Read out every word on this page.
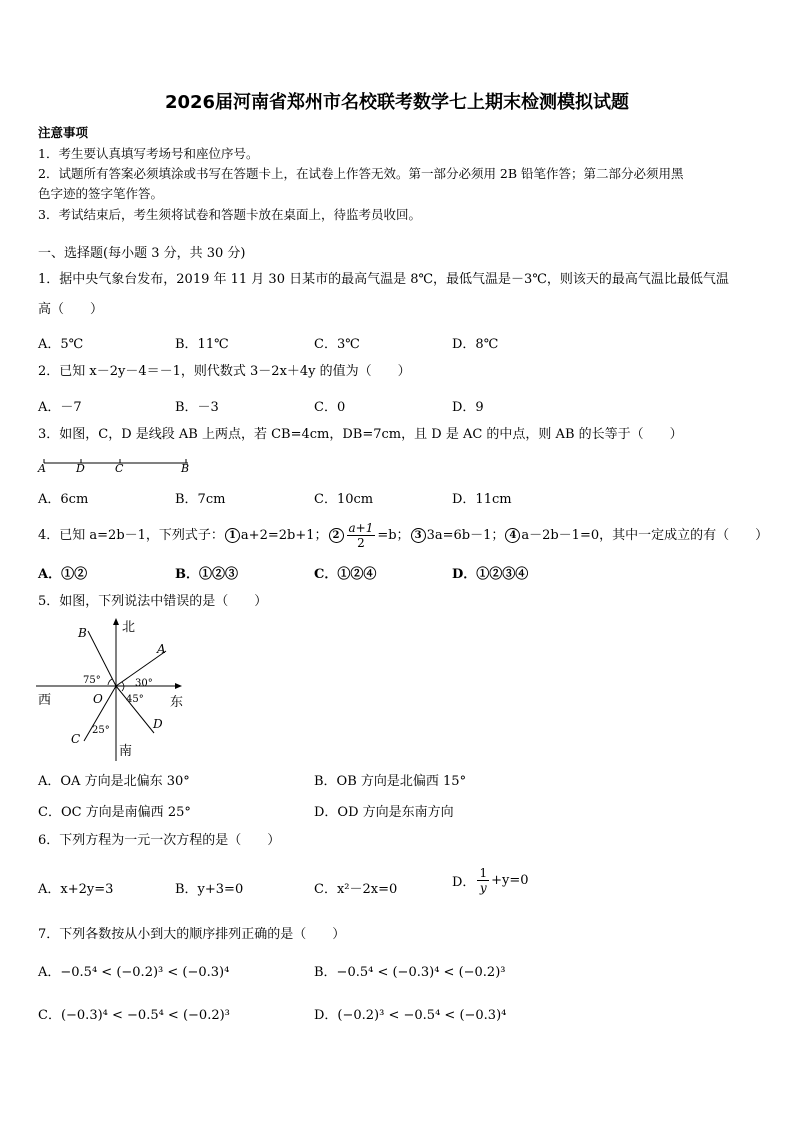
2026届河南省郑州市名校联考数学七上期末检测模拟试题
注意事项
1．考生要认真填写考场号和座位序号。
2．试题所有答案必须填涂或书写在答题卡上，在试卷上作答无效。第一部分必须用 2B 铅笔作答；第二部分必须用黑
色字迹的签字笔作答。
3．考试结束后，考生须将试卷和答题卡放在桌面上，待监考员收回。
一、选择题(每小题 3 分，共 30 分)
1．据中央气象台发布，2019 年 11 月 30 日某市的最高气温是 8℃，最低气温是－3℃，则该天的最高气温比最低气温
高（　　）
A．5℃	B．11℃	C．3℃	D．8℃
2．已知 x－2y－4＝－1，则代数式 3－2x＋4y 的值为（　　）
A．－7	B．－3	C．0	D．9
3．如图，C，D 是线段 AB 上两点，若 CB=4cm，DB=7cm，且 D 是 AC 的中点，则 AB 的长等于（　　）
A	D	C	B
A．6cm	B．7cm	C．10cm	D．11cm
4．已知 a=2b－1，下列式子： 1 a+2=2b+1； $2 \frac{a+1}{2} =b$； 3 3a=6b－1； 4 a－2b－1=0，其中一定成立的有（　　）
A．①②	B．①②③	C．①②④	D．①②③④
5．如图，下列说法中错误的是（　　）
北
西	东
南
B
A
O
D
C
75°	30°
45°
25°
A．OA 方向是北偏东 30°	B．OB 方向是北偏西 15°
C．OC 方向是南偏西 25°	D．OD 方向是东南方向
6．下列方程为一元一次方程的是（　　）
A．x+2y=3	B．y+3=0	C．x²－2x=0	D． $\frac{1}{y} +y=0$
7．下列各数按从小到大的顺序排列正确的是（　　）
A．−0.5⁴ < (−0.2)³ < (−0.3)⁴	B．−0.5⁴ < (−0.3)⁴ < (−0.2)³
C．(−0.3)⁴ < −0.5⁴ < (−0.2)³	D．(−0.2)³ < −0.5⁴ < (−0.3)⁴
